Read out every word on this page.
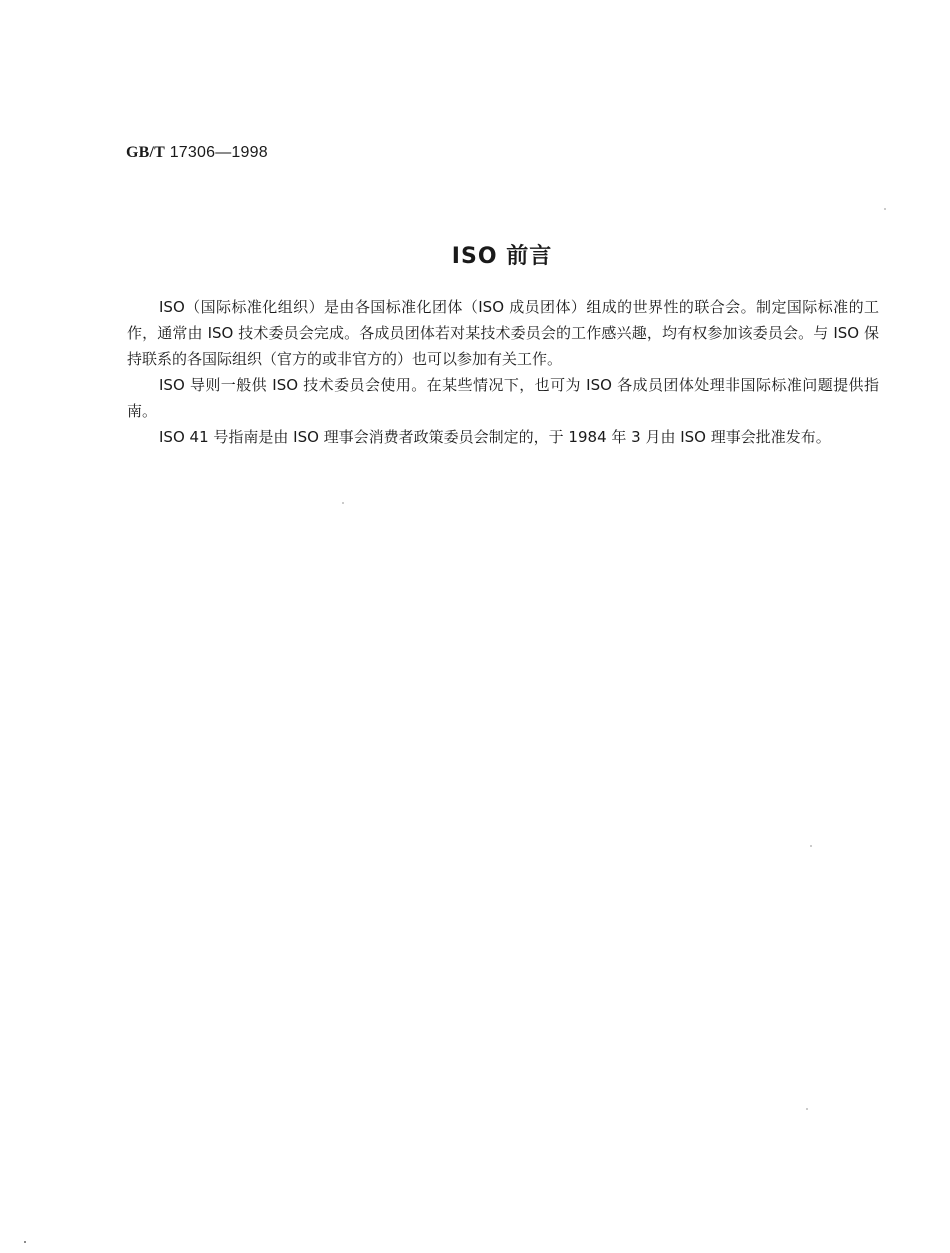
GB/T 17306—1998
ISO 前言

ISO（国际标准化组织）是由各国标准化团体（ISO 成员团体）组成的世界性的联合会。制定国际标准的工作，通常由 ISO 技术委员会完成。各成员团体若对某技术委员会的工作感兴趣，均有权参加该委员会。与 ISO 保持联系的各国际组织（官方的或非官方的）也可以参加有关工作。

ISO 导则一般供 ISO 技术委员会使用。在某些情况下，也可为 ISO 各成员团体处理非国际标准问题提供指南。

ISO 41 号指南是由 ISO 理事会消费者政策委员会制定的，于 1984 年 3 月由 ISO 理事会批准发布。
